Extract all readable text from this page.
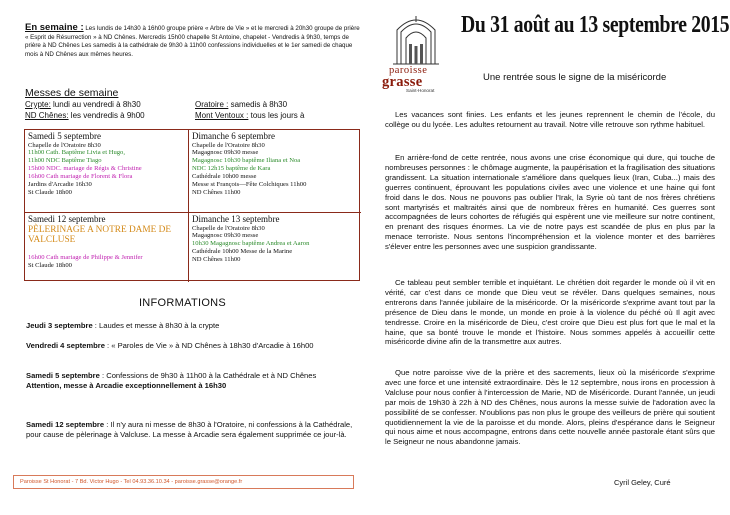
En semaine : Les lundis de 14h30 à 16h00 groupe prière « Arbre de Vie » et le mercredi à 20h30 groupe de prière « Esprit de Résurrection » à ND Chênes. Mercredis 15h00 chapelle St Antoine, chapelet - Vendredis à 9h30, temps de prière à ND Chênes Les samedis à la cathédrale de 9h30 à 11h00 confessions individuelles et le 1er samedi de chaque mois à ND Chênes aux mêmes heures.
Messes de semaine
Crypte: lundi au vendredi à 8h30	Oratoire : samedis à 8h30
ND Chênes: les vendredis à 9h00	Mont Ventoux : tous les jours à
Samedi 5 septembre
Chapelle de l'Oratoire 8h30
11h00 Cath. Baptême Livia et Hugo,
11h00 NDC Baptême Tiago
15h00 NDC. mariage de Régis & Christine
16h00 Cath mariage de Florent & Flora
Jardins d'Arcadie 16h30
St Claude 18h00
Dimanche 6 septembre
Chapelle de l'Oratoire 8h30
Magagnosc 09h30 messe
Magagnosc 10h30 baptême Iliana et Noa
NDC 12h15 baptême de Kara
Cathédrale 10h00 messe
Messe st François—Fête Colchiques 11h00
ND Chênes 11h00
Samedi 12 septembre
PÈLERINAGE A NOTRE DAME DE VALCLUSE
16h00 Cath mariage de Philippe & Jennifer
St Claude 18h00
Dimanche 13 septembre
Chapelle de l'Oratoire 8h30
Magagnosc 09h30 messe
10h30 Magagnosc baptême Andrea et Aaron
Cathédrale 10h00 Messe de la Marine
ND Chênes 11h00
INFORMATIONS
Jeudi 3 septembre : Laudes et messe à 8h30 à la crypte
Vendredi 4 septembre : « Paroles de Vie » à ND Chênes à 18h30 d'Arcadie à 16h00
Samedi 5 septembre : Confessions de 9h30 à 11h00 à la Cathédrale et à ND Chênes
Attention, messe à Arcadie exceptionnellement à 16h30
Samedi 12 septembre : Il n'y aura ni messe de 8h30 à l'Oratoire, ni confessions à la Cathédrale, pour cause de pèlerinage à Valcluse. La messe à Arcadie sera également supprimée ce jour-là.
Paroisse St Honorat - 7 Bd. Victor Hugo - Tel 04.93.36.10.34 - paroisse.grasse@orange.fr
paroisse
grasse
Saint-Honorat
Du 31 août au 13 septembre 2015
Une rentrée sous le signe de la miséricorde
Les vacances sont finies. Les enfants et les jeunes reprennent le chemin de l'école, du collège ou du lycée. Les adultes retournent au travail. Notre ville retrouve son rythme habituel.
En arrière-fond de cette rentrée, nous avons une crise économique qui dure, qui touche de nombreuses personnes : le chômage augmente, la paupérisation et la fragilisation des situations grandissent. La situation internationale s'améliore dans quelques lieux (Iran, Cuba...) mais des guerres continuent, éprouvant les populations civiles avec une violence et une haine qui font froid dans le dos. Nous ne pouvons pas oublier l'Irak, la Syrie où tant de nos frères chrétiens sont martyrisés et maltraités ainsi que de nombreux frères en humanité. Ces guerres sont accompagnées de leurs cohortes de réfugiés qui espèrent une vie meilleure sur notre continent, en prenant des risques énormes. La vie de notre pays est scandée de plus en plus par la menace terroriste. Nous sentons l'incompréhension et la violence monter et des barrières s'élever entre les personnes avec une suspicion grandissante.
Ce tableau peut sembler terrible et inquiétant. Le chrétien doit regarder le monde où il vit en vérité, car c'est dans ce monde que Dieu veut se révéler. Dans quelques semaines, nous entrerons dans l'année jubilaire de la miséricorde. Or la miséricorde s'exprime avant tout par la présence de Dieu dans le monde, un monde en proie à la violence du péché où Il agit avec tendresse. Croire en la miséricorde de Dieu, c'est croire que Dieu est plus fort que le mal et la haine, que sa bonté trouve le monde et l'histoire. Nous sommes appelés à accueillir cette miséricorde divine afin de la transmettre aux autres.
Que notre paroisse vive de la prière et des sacrements, lieux où la miséricorde s'exprime avec une force et une intensité extraordinaire. Dès le 12 septembre, nous irons en procession à Valcluse pour nous confier à l'intercession de Marie, ND de Miséricorde. Durant l'année, un jeudi par mois de 19h30 à 22h à ND des Chênes, nous aurons la messe suivie de l'adoration avec la possibilité de se confesser. N'oublions pas non plus le groupe des veilleurs de prière qui soutient quotidiennement la vie de la paroisse et du monde. Alors, pleins d'espérance dans le Seigneur qui nous aime et nous accompagne, entrons dans cette nouvelle année pastorale étant sûrs que le Seigneur ne nous abandonne jamais.
Cyril Geley, Curé
